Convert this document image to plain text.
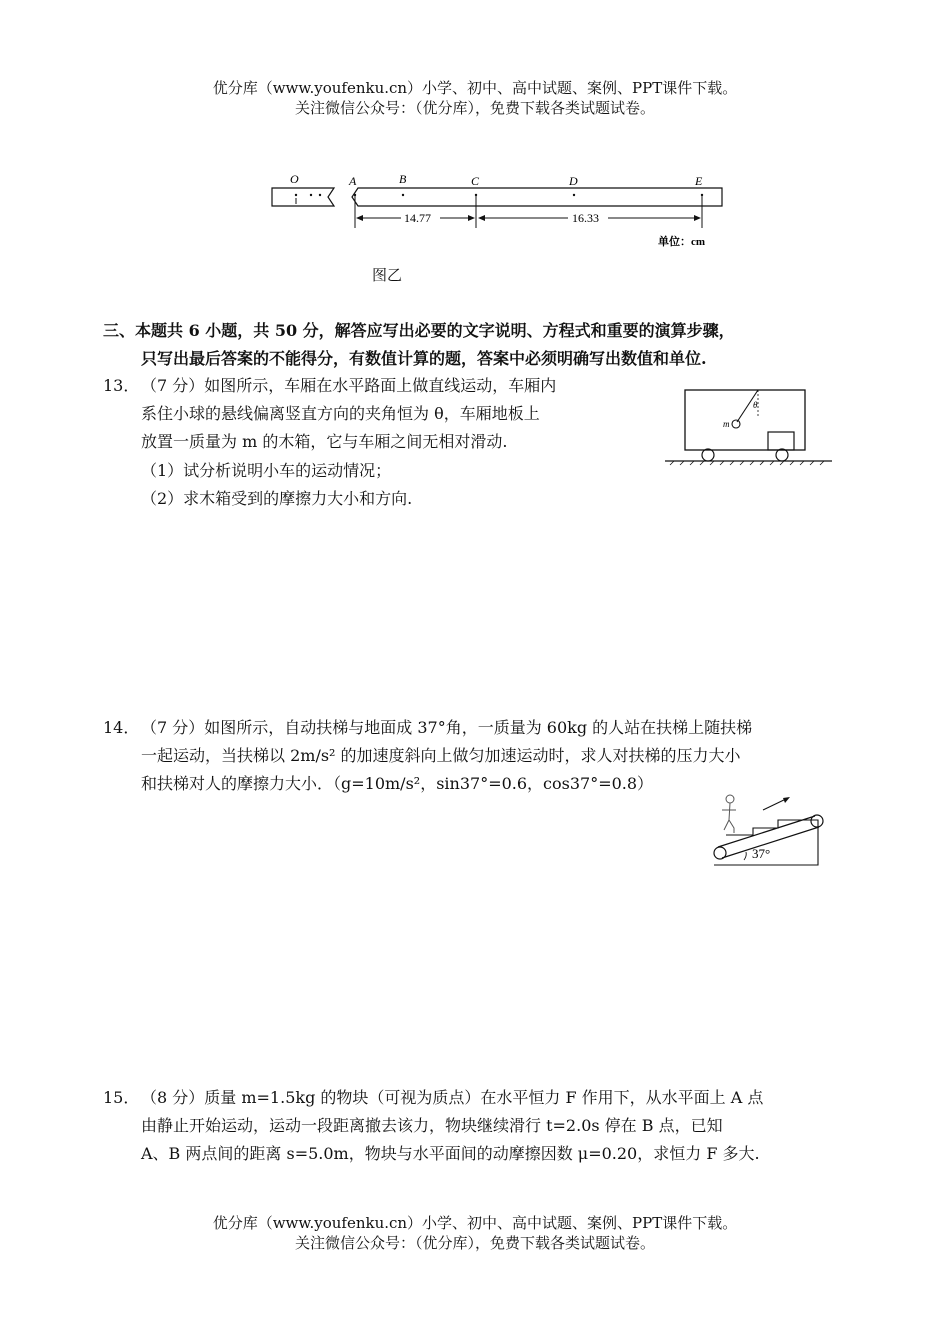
优分库（www.youfenku.cn）小学、初中、高中试题、案例、PPT课件下载。
关注微信公众号：（优分库），免费下载各类试题试卷。
O	A	B	C	D	E
14.77	16.33
单位：cm
图乙
三、本题共 6 小题，共 50 分，解答应写出必要的文字说明、方程式和重要的演算步骤，
只写出最后答案的不能得分，有数值计算的题，答案中必须明确写出数值和单位.
13． （7 分）如图所示，车厢在水平路面上做直线运动，车厢内
系住小球的悬线偏离竖直方向的夹角恒为 θ，车厢地板上
放置一质量为 m 的木箱，它与车厢之间无相对滑动.
（1）试分析说明小车的运动情况；
（2）求木箱受到的摩擦力大小和方向.
θ
m
14． （7 分）如图所示，自动扶梯与地面成 37°角，一质量为 60kg 的人站在扶梯上随扶梯
一起运动，当扶梯以 2m/s² 的加速度斜向上做匀加速运动时，求人对扶梯的压力大小
和扶梯对人的摩擦力大小．（g=10m/s²，sin37°=0.6，cos37°=0.8）
37°
15． （8 分）质量 m=1.5kg 的物块（可视为质点）在水平恒力 F 作用下，从水平面上 A 点
由静止开始运动，运动一段距离撤去该力，物块继续滑行 t=2.0s 停在 B 点，已知
A、B 两点间的距离 s=5.0m，物块与水平面间的动摩擦因数 μ=0.20，求恒力 F 多大.
优分库（www.youfenku.cn）小学、初中、高中试题、案例、PPT课件下载。
关注微信公众号：（优分库），免费下载各类试题试卷。
